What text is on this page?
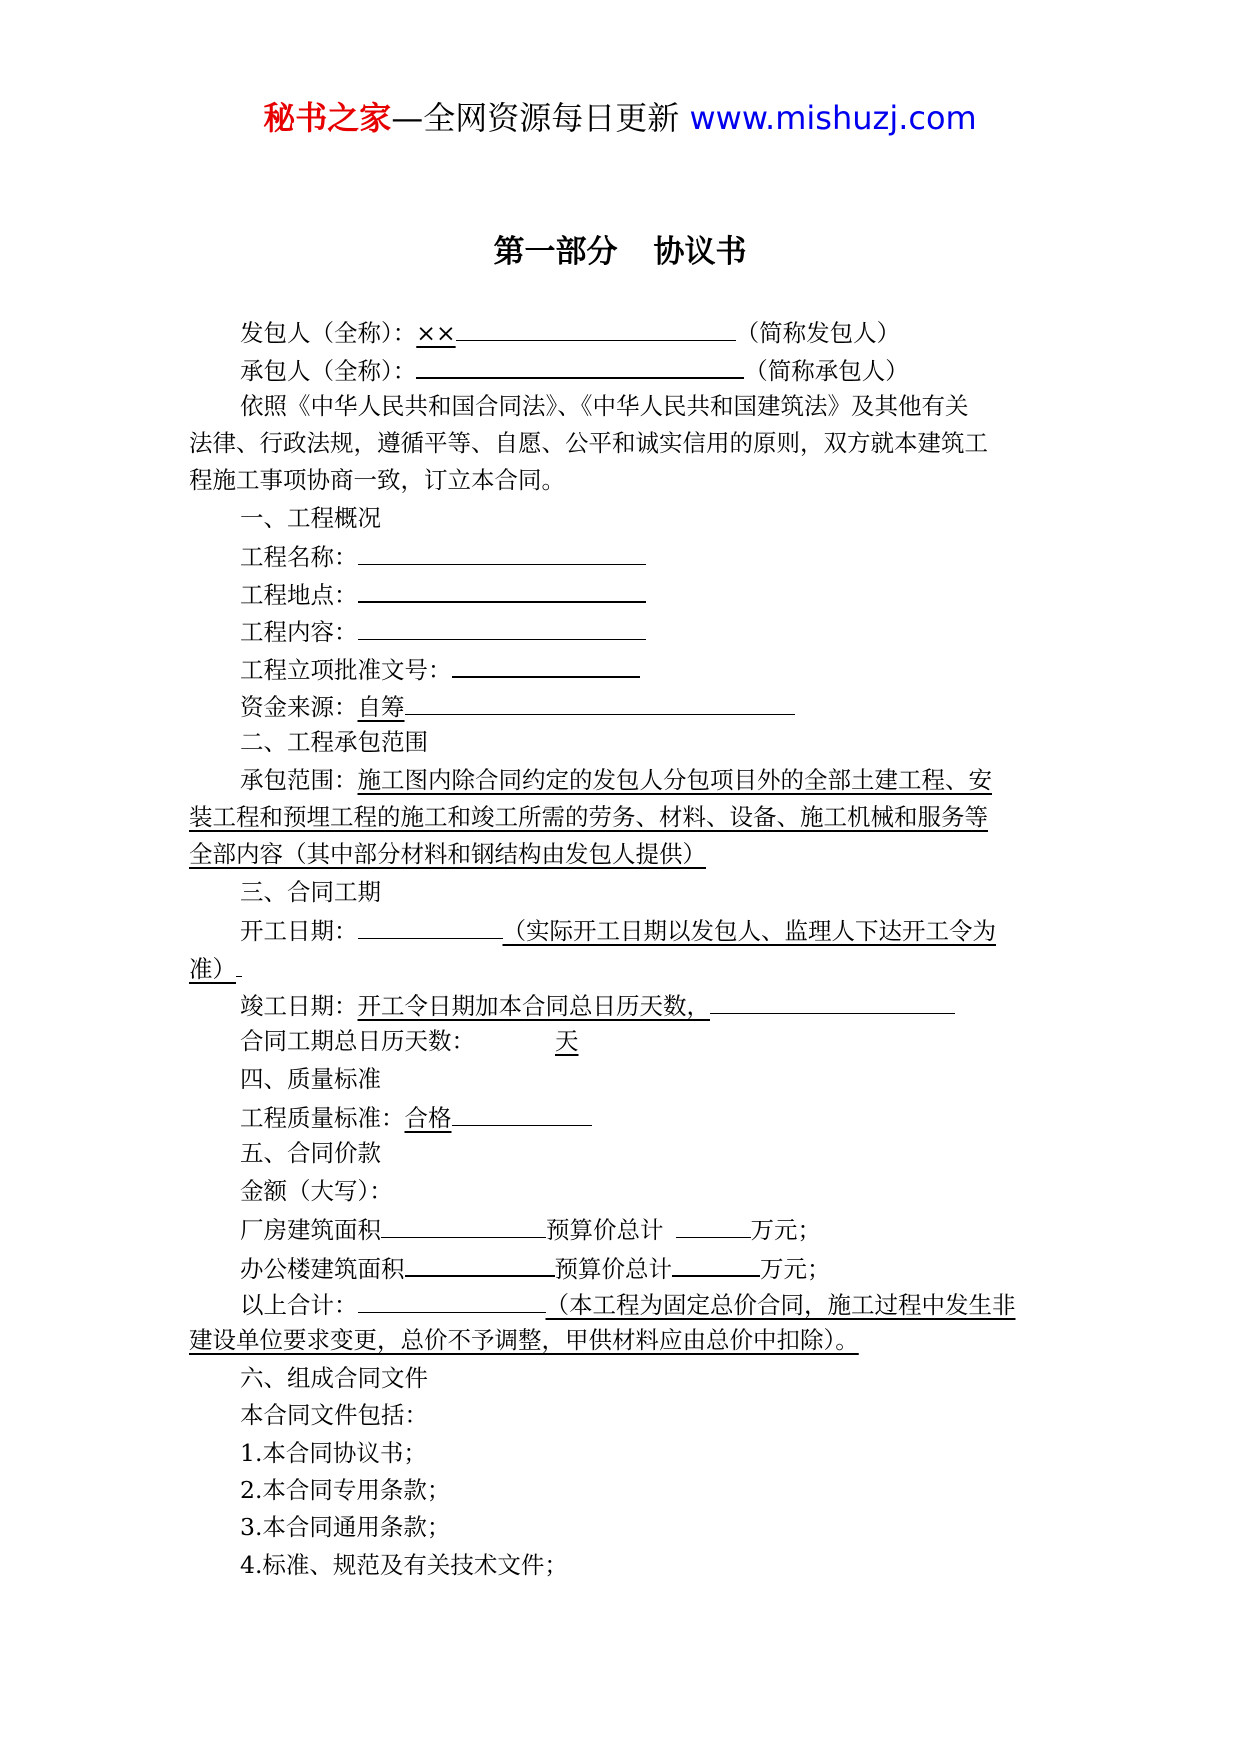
秘书之家—全网资源每日更新 www.mishuzj.com
第一部分 协议书
发包人（全称）：××	（简称发包人）
承包人（全称）：	（简称承包人）
依照《中华人民共和国合同法》、《中华人民共和国建筑法》及其他有关
法律、行政法规，遵循平等、自愿、公平和诚实信用的原则，双方就本建筑工
程施工事项协商一致，订立本合同。
一、工程概况
工程名称：
工程地点：
工程内容：
工程立项批准文号：
资金来源：自筹
二、工程承包范围
承包范围：施工图内除合同约定的发包人分包项目外的全部土建工程、安
装工程和预埋工程的施工和竣工所需的劳务、材料、设备、施工机械和服务等
全部内容（其中部分材料和钢结构由发包人提供）
三、合同工期
开工日期：	（实际开工日期以发包人、监理人下达开工令为
准）
竣工日期：开工令日期加本合同总日历天数，
合同工期总日历天数：	天
四、质量标准
工程质量标准：合格
五、合同价款
金额（大写）：
厂房建筑面积	预算价总计	万元；
办公楼建筑面积	预算价总计	万元；
以上合计：	（本工程为固定总价合同，施工过程中发生非
建设单位要求变更，总价不予调整，甲供材料应由总价中扣除）。
六、组成合同文件
本合同文件包括：
1.本合同协议书；
2.本合同专用条款；
3.本合同通用条款；
4.标准、规范及有关技术文件；
